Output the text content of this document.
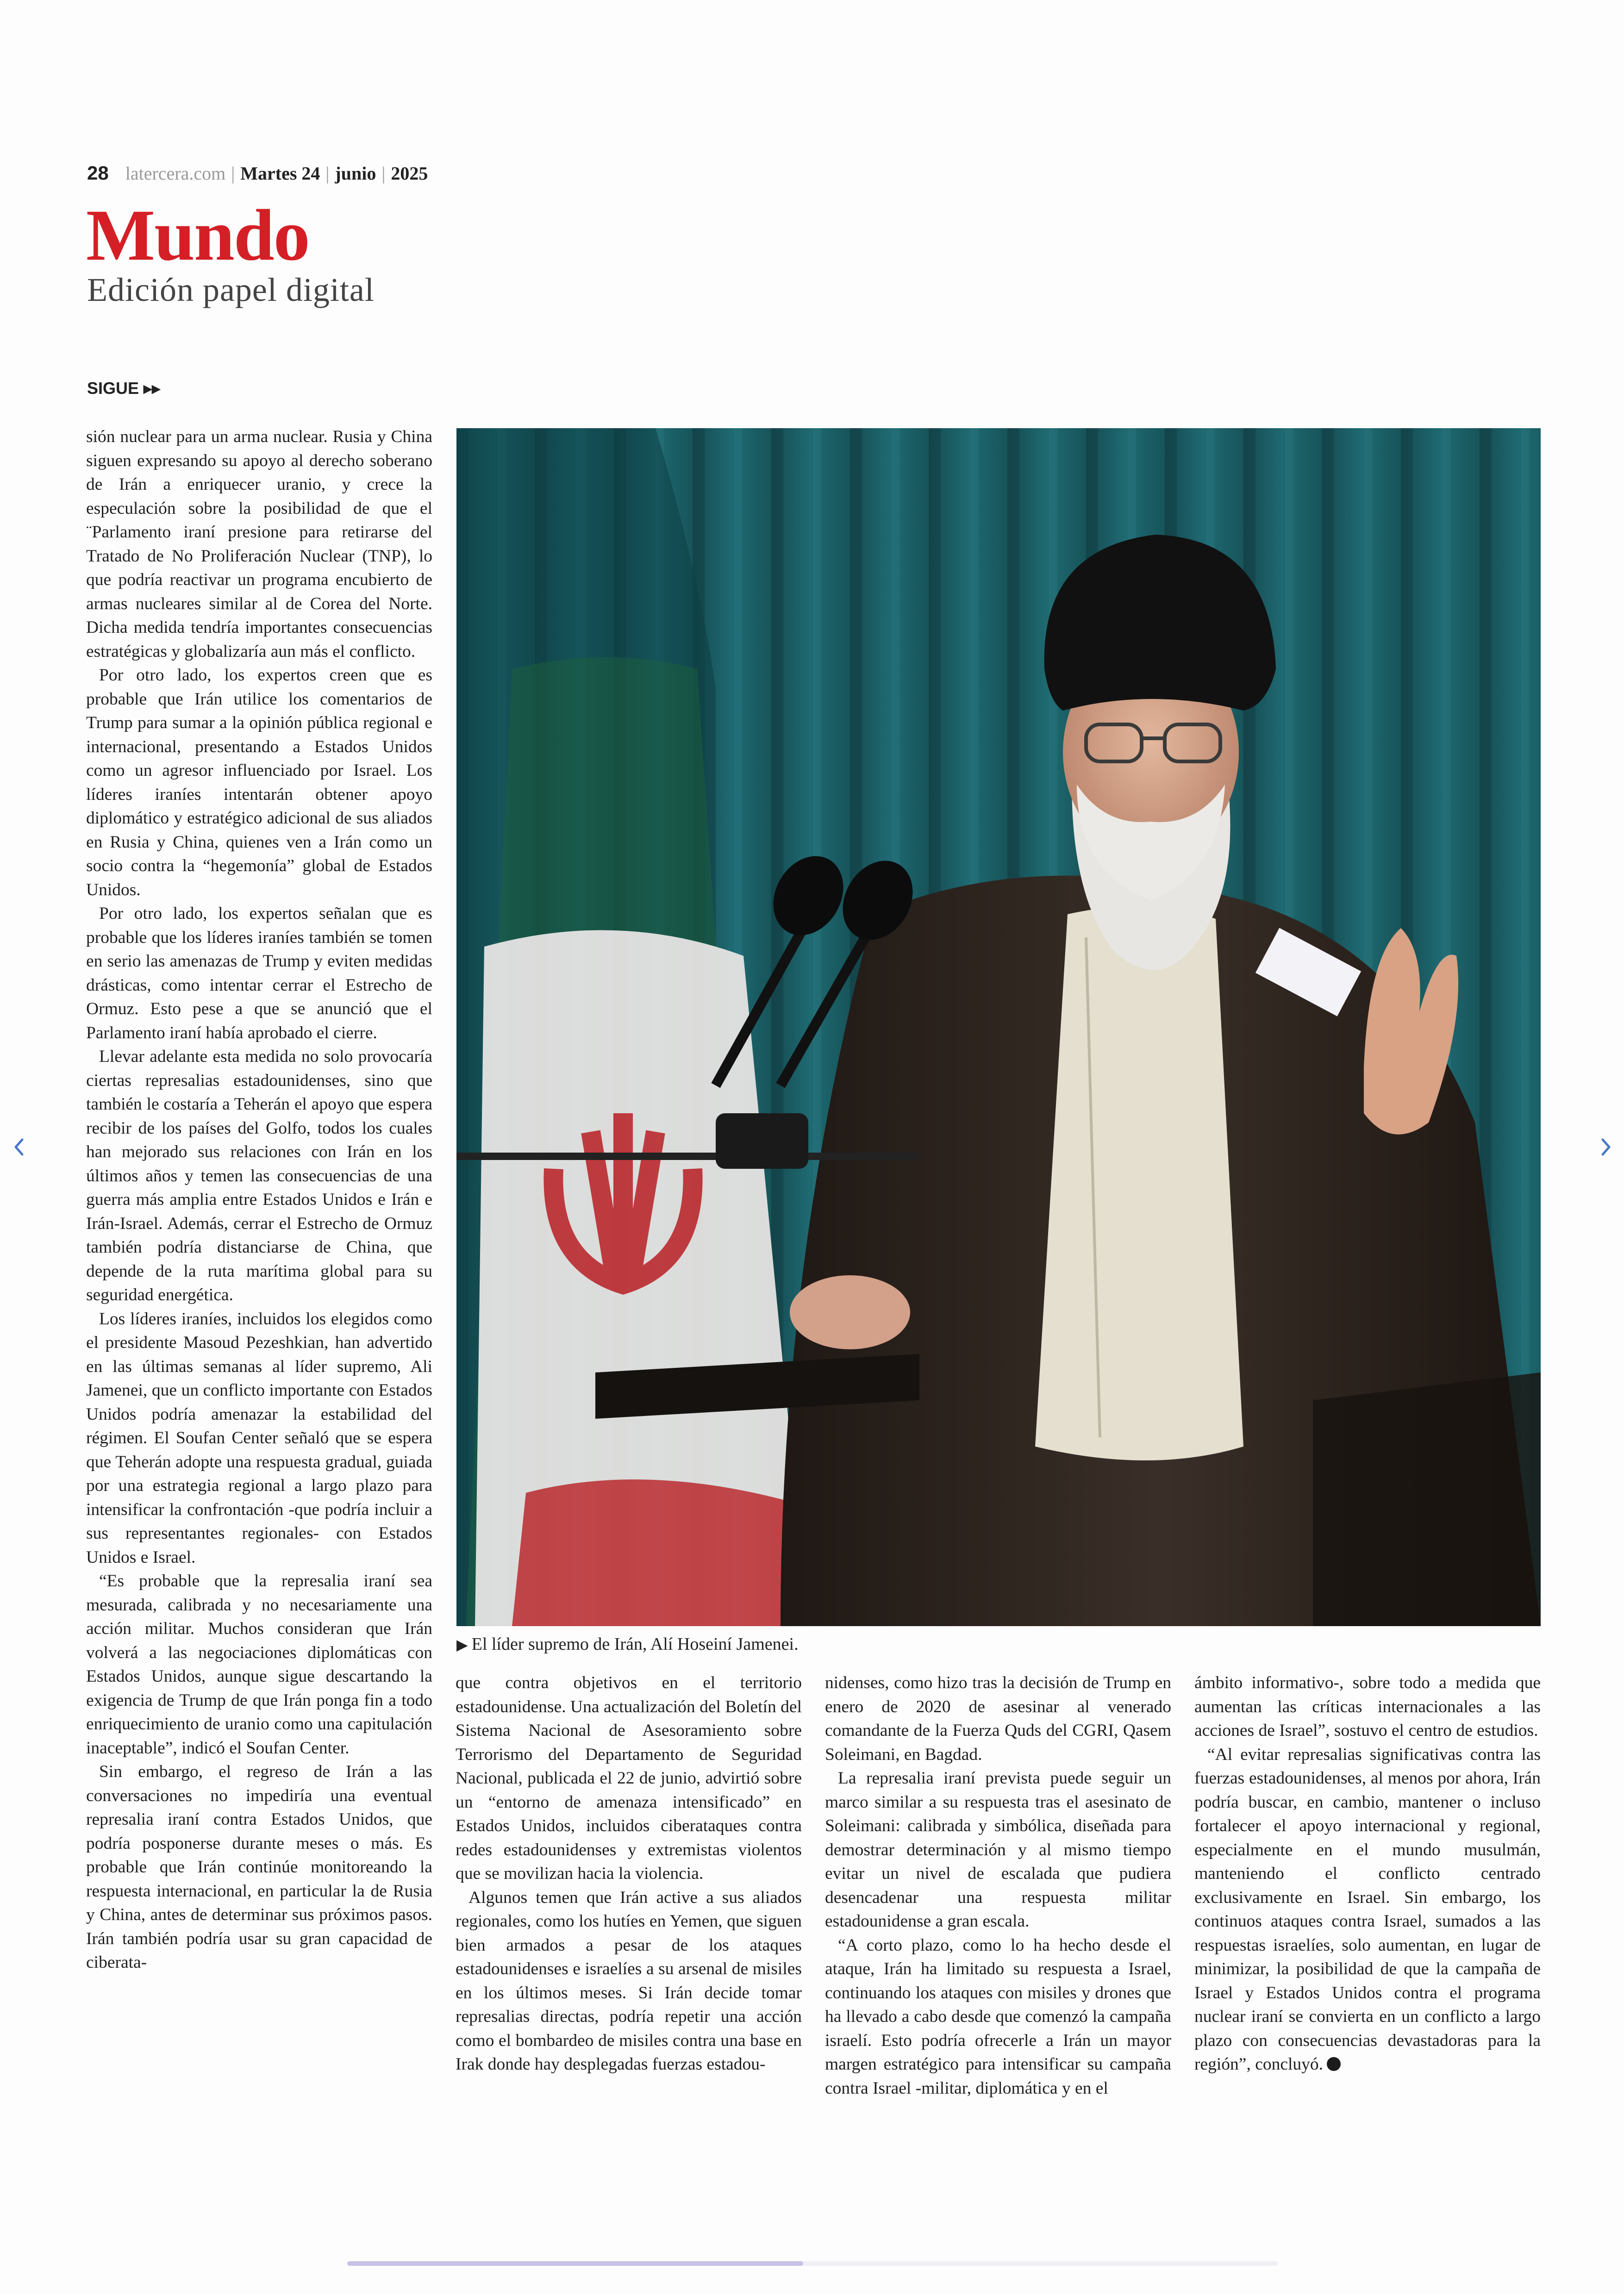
28 latercera.com | Martes 24 | junio | 2025
Mundo
Edición papel digital
SIGUE ▸▸

sión nuclear para un arma nuclear. Rusia y China siguen expresando su apoyo al derecho soberano de Irán a enriquecer uranio, y crece la especulación sobre la posibilidad de que el ¨Parlamento iraní presione para retirarse del Tratado de No Proliferación Nuclear (TNP), lo que podría reactivar un programa encubierto de armas nucleares similar al de Corea del Norte. Dicha medida tendría importantes consecuencias estratégicas y globalizaría aun más el conflicto.

Por otro lado, los expertos creen que es probable que Irán utilice los comentarios de Trump para sumar a la opinión pública regional e internacional, presentando a Estados Unidos como un agresor influenciado por Israel. Los líderes iraníes intentarán obtener apoyo diplomático y estratégico adicional de sus aliados en Rusia y China, quienes ven a Irán como un socio contra la “hegemonía” global de Estados Unidos.

Por otro lado, los expertos señalan que es probable que los líderes iraníes también se tomen en serio las amenazas de Trump y eviten medidas drásticas, como intentar cerrar el Estrecho de Ormuz. Esto pese a que se anunció que el Parlamento iraní había aprobado el cierre.

Llevar adelante esta medida no solo provocaría ciertas represalias estadounidenses, sino que también le costaría a Teherán el apoyo que espera recibir de los países del Golfo, todos los cuales han mejorado sus relaciones con Irán en los últimos años y temen las consecuencias de una guerra más amplia entre Estados Unidos e Irán e Irán-Israel. Además, cerrar el Estrecho de Ormuz también podría distanciarse de China, que depende de la ruta marítima global para su seguridad energética.

Los líderes iraníes, incluidos los elegidos como el presidente Masoud Pezeshkian, han advertido en las últimas semanas al líder supremo, Ali Jamenei, que un conflicto importante con Estados Unidos podría amenazar la estabilidad del régimen. El Soufan Center señaló que se espera que Teherán adopte una respuesta gradual, guiada por una estrategia regional a largo plazo para intensificar la confrontación -que podría incluir a sus representantes regionales- con Estados Unidos e Israel.

“Es probable que la represalia iraní sea mesurada, calibrada y no necesariamente una acción militar. Muchos consideran que Irán volverá a las negociaciones diplomáticas con Estados Unidos, aunque sigue descartando la exigencia de Trump de que Irán ponga fin a todo enriquecimiento de uranio como una capitulación inaceptable”, indicó el Soufan Center.

Sin embargo, el regreso de Irán a las conversaciones no impediría una eventual represalia iraní contra Estados Unidos, que podría posponerse durante meses o más. Es probable que Irán continúe monitoreando la respuesta internacional, en particular la de Rusia y China, antes de determinar sus próximos pasos. Irán también podría usar su gran capacidad de ciberata-

▶ El líder supremo de Irán, Alí Hoseiní Jamenei.

que contra objetivos en el territorio estadounidense. Una actualización del Boletín del Sistema Nacional de Asesoramiento sobre Terrorismo del Departamento de Seguridad Nacional, publicada el 22 de junio, advirtió sobre un “entorno de amenaza intensificado” en Estados Unidos, incluidos ciberataques contra redes estadounidenses y extremistas violentos que se movilizan hacia la violencia.

Algunos temen que Irán active a sus aliados regionales, como los hutíes en Yemen, que siguen bien armados a pesar de los ataques estadounidenses e israelíes a su arsenal de misiles en los últimos meses. Si Irán decide tomar represalias directas, podría repetir una acción como el bombardeo de misiles contra una base en Irak donde hay desplegadas fuerzas estadou-

nidenses, como hizo tras la decisión de Trump en enero de 2020 de asesinar al venerado comandante de la Fuerza Quds del CGRI, Qasem Soleimani, en Bagdad.

La represalia iraní prevista puede seguir un marco similar a su respuesta tras el asesinato de Soleimani: calibrada y simbólica, diseñada para demostrar determinación y al mismo tiempo evitar un nivel de escalada que pudiera desencadenar una respuesta militar estadounidense a gran escala.

“A corto plazo, como lo ha hecho desde el ataque, Irán ha limitado su respuesta a Israel, continuando los ataques con misiles y drones que ha llevado a cabo desde que comenzó la campaña israelí. Esto podría ofrecerle a Irán un mayor margen estratégico para intensificar su campaña contra Israel -militar, diplomática y en el

ámbito informativo-, sobre todo a medida que aumentan las críticas internacionales a las acciones de Israel”, sostuvo el centro de estudios.

“Al evitar represalias significativas contra las fuerzas estadounidenses, al menos por ahora, Irán podría buscar, en cambio, mantener o incluso fortalecer el apoyo internacional y regional, especialmente en el mundo musulmán, manteniendo el conflicto centrado exclusivamente en Israel. Sin embargo, los continuos ataques contra Israel, sumados a las respuestas israelíes, solo aumentan, en lugar de minimizar, la posibilidad de que la campaña de Israel y Estados Unidos contra el programa nuclear iraní se convierta en un conflicto a largo plazo con consecuencias devastadoras para la región”, concluyó.
